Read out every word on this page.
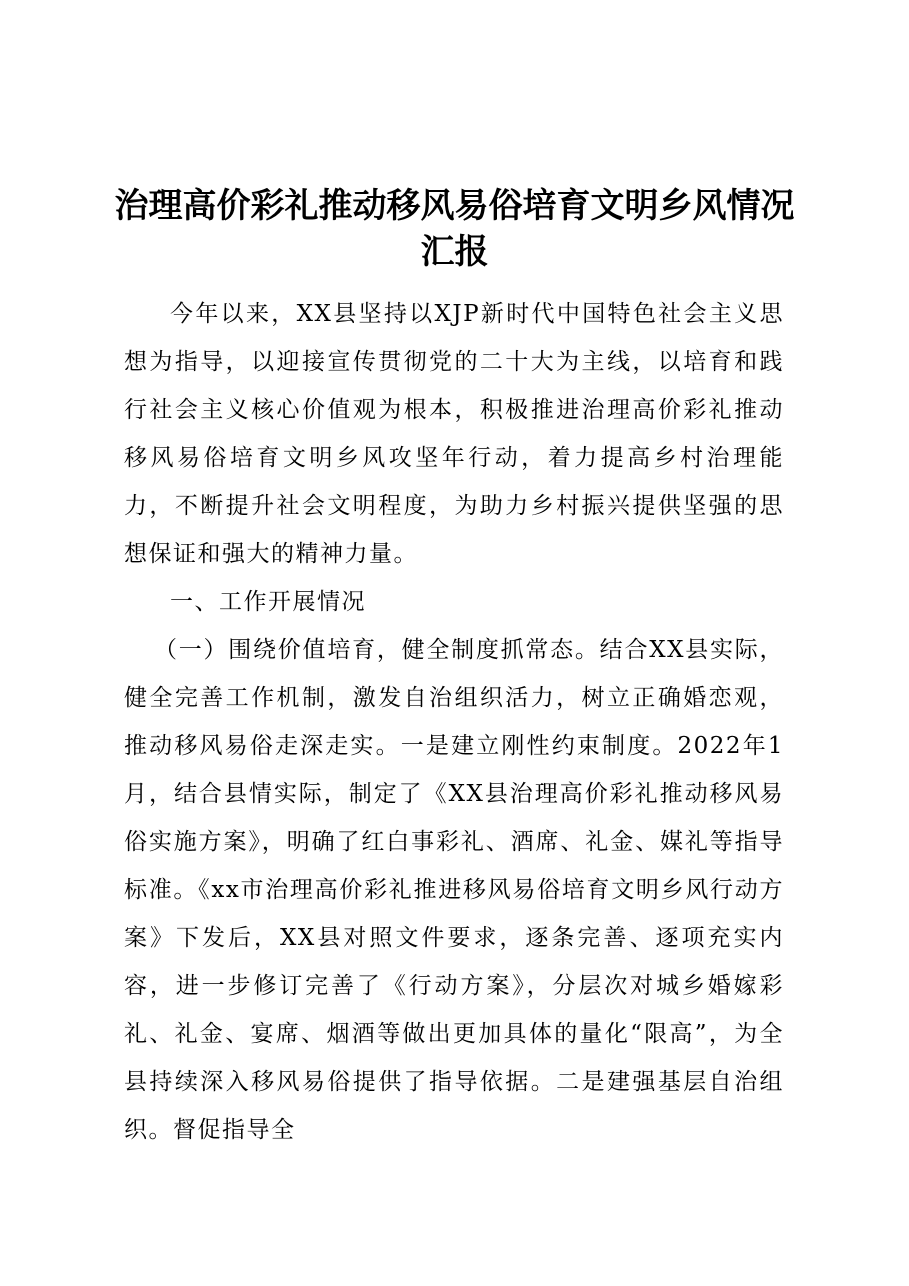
治理高价彩礼推动移风易俗培育文明乡风情况
汇报

今年以来，XX县坚持以XJP新时代中国特色社会主义思想为指导，以迎接宣传贯彻党的二十大为主线，以培育和践行社会主义核心价值观为根本，积极推进治理高价彩礼推动移风易俗培育文明乡风攻坚年行动，着力提高乡村治理能力，不断提升社会文明程度，为助力乡村振兴提供坚强的思想保证和强大的精神力量。

一、工作开展情况

（一）围绕价值培育，健全制度抓常态。结合XX县实际，健全完善工作机制，激发自治组织活力，树立正确婚恋观，推动移风易俗走深走实。一是建立刚性约束制度。2022年1月，结合县情实际，制定了《XX县治理高价彩礼推动移风易俗实施方案》，明确了红白事彩礼、酒席、礼金、媒礼等指导标准。《xx市治理高价彩礼推进移风易俗培育文明乡风行动方案》下发后，XX县对照文件要求，逐条完善、逐项充实内容，进一步修订完善了《行动方案》，分层次对城乡婚嫁彩礼、礼金、宴席、烟酒等做出更加具体的量化“限高”，为全县持续深入移风易俗提供了指导依据。二是建强基层自治组织。督促指导全
